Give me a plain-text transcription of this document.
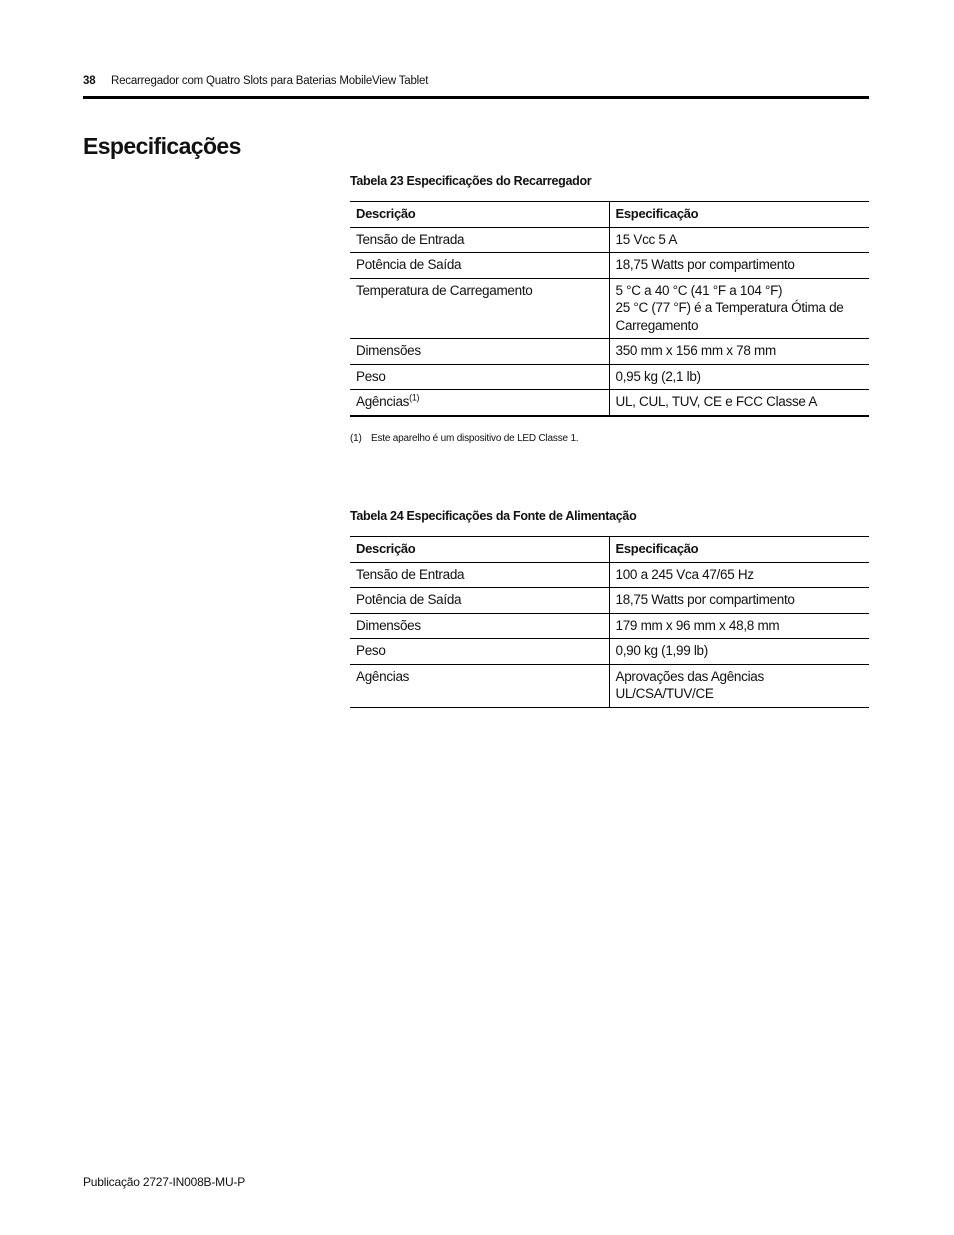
38 Recarregador com Quatro Slots para Baterias MobileView Tablet
Especificações
Tabela 23 Especificações do Recarregador
Descrição	Especificação
Tensão de Entrada	15 Vcc 5 A
Potência de Saída	18,75 Watts por compartimento
Temperatura de Carregamento	5 °C a 40 °C (41 °F a 104 °F)
25 °C (77 °F) é a Temperatura Ótima de Carregamento
Dimensões	350 mm x 156 mm x 78 mm
Peso	0,95 kg (2,1 lb)
Agências$^{(1)}$	UL, CUL, TUV, CE e FCC Classe A
(1) Este aparelho é um dispositivo de LED Classe 1.
Tabela 24 Especificações da Fonte de Alimentação
Descrição	Especificação
Tensão de Entrada	100 a 245 Vca 47/65 Hz
Potência de Saída	18,75 Watts por compartimento
Dimensões	179 mm x 96 mm x 48,8 mm
Peso	0,90 kg (1,99 lb)
Agências	Aprovações das Agências UL/CSA/TUV/CE
Publicação 2727-IN008B-MU-P
